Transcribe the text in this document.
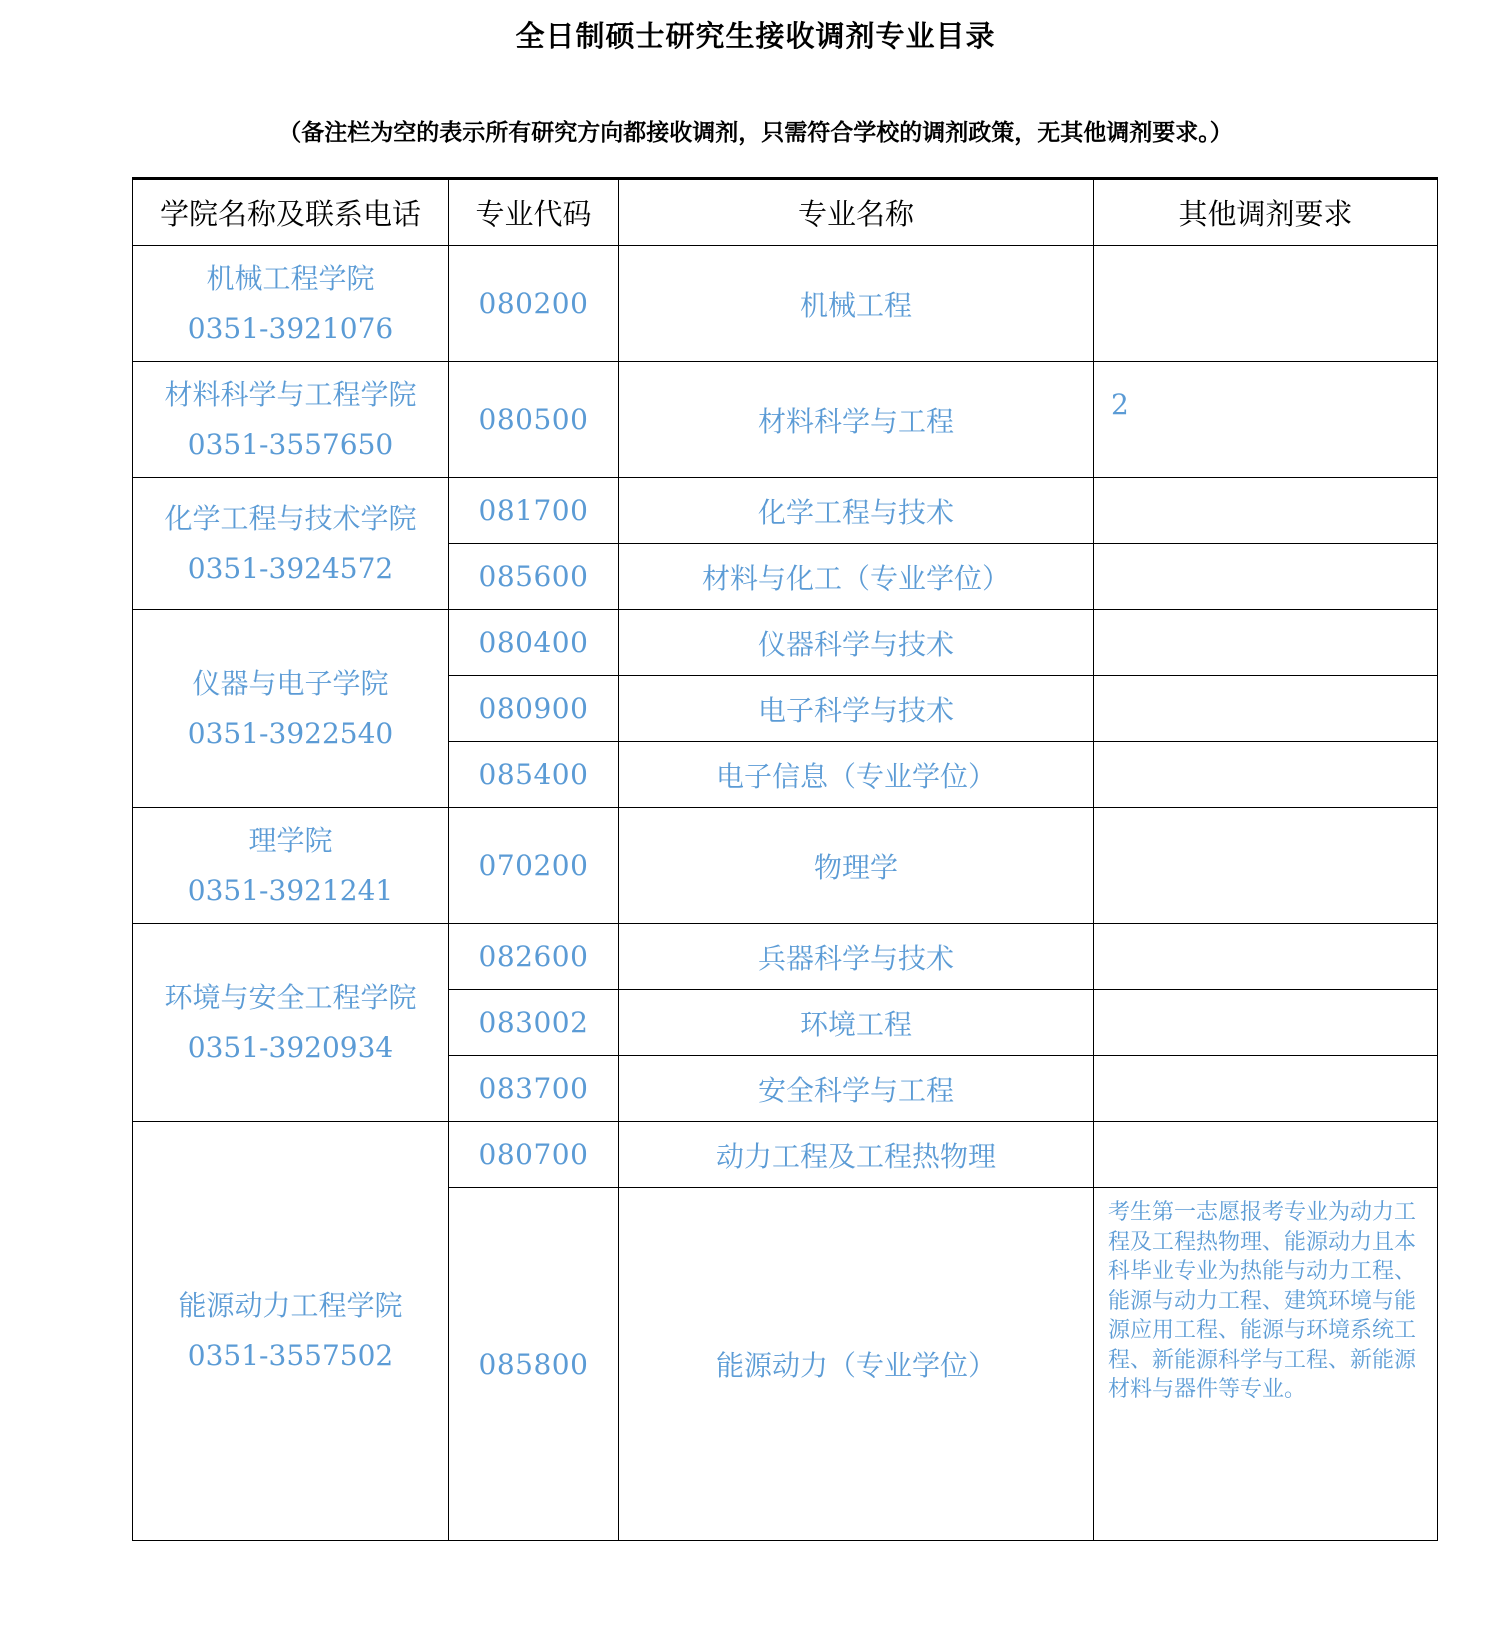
全日制硕士研究生接收调剂专业目录
（备注栏为空的表示所有研究方向都接收调剂，只需符合学校的调剂政策，无其他调剂要求。）
学院名称及联系电话	专业代码	专业名称	其他调剂要求

机械工程学院
0351-3921076	080200	机械工程	

材料科学与工程学院
0351-3557650	080500	材料科学与工程	2

化学工程与技术学院
0351-3924572	081700	化学工程与技术	
	085600	材料与化工（专业学位）	

仪器与电子学院
0351-3922540	080400	仪器科学与技术	
	080900	电子科学与技术	
	085400	电子信息（专业学位）	

理学院
0351-3921241	070200	物理学	

环境与安全工程学院
0351-3920934	082600	兵器科学与技术	
	083002	环境工程	
	083700	安全科学与工程	

能源动力工程学院
0351-3557502	080700	动力工程及工程热物理	
	085800	能源动力（专业学位）	考生第一志愿报考专业为动力工程及工程热物理、能源动力且本科毕业专业为热能与动力工程、能源与动力工程、建筑环境与能源应用工程、能源与环境系统工程、新能源科学与工程、新能源材料与器件等专业。
